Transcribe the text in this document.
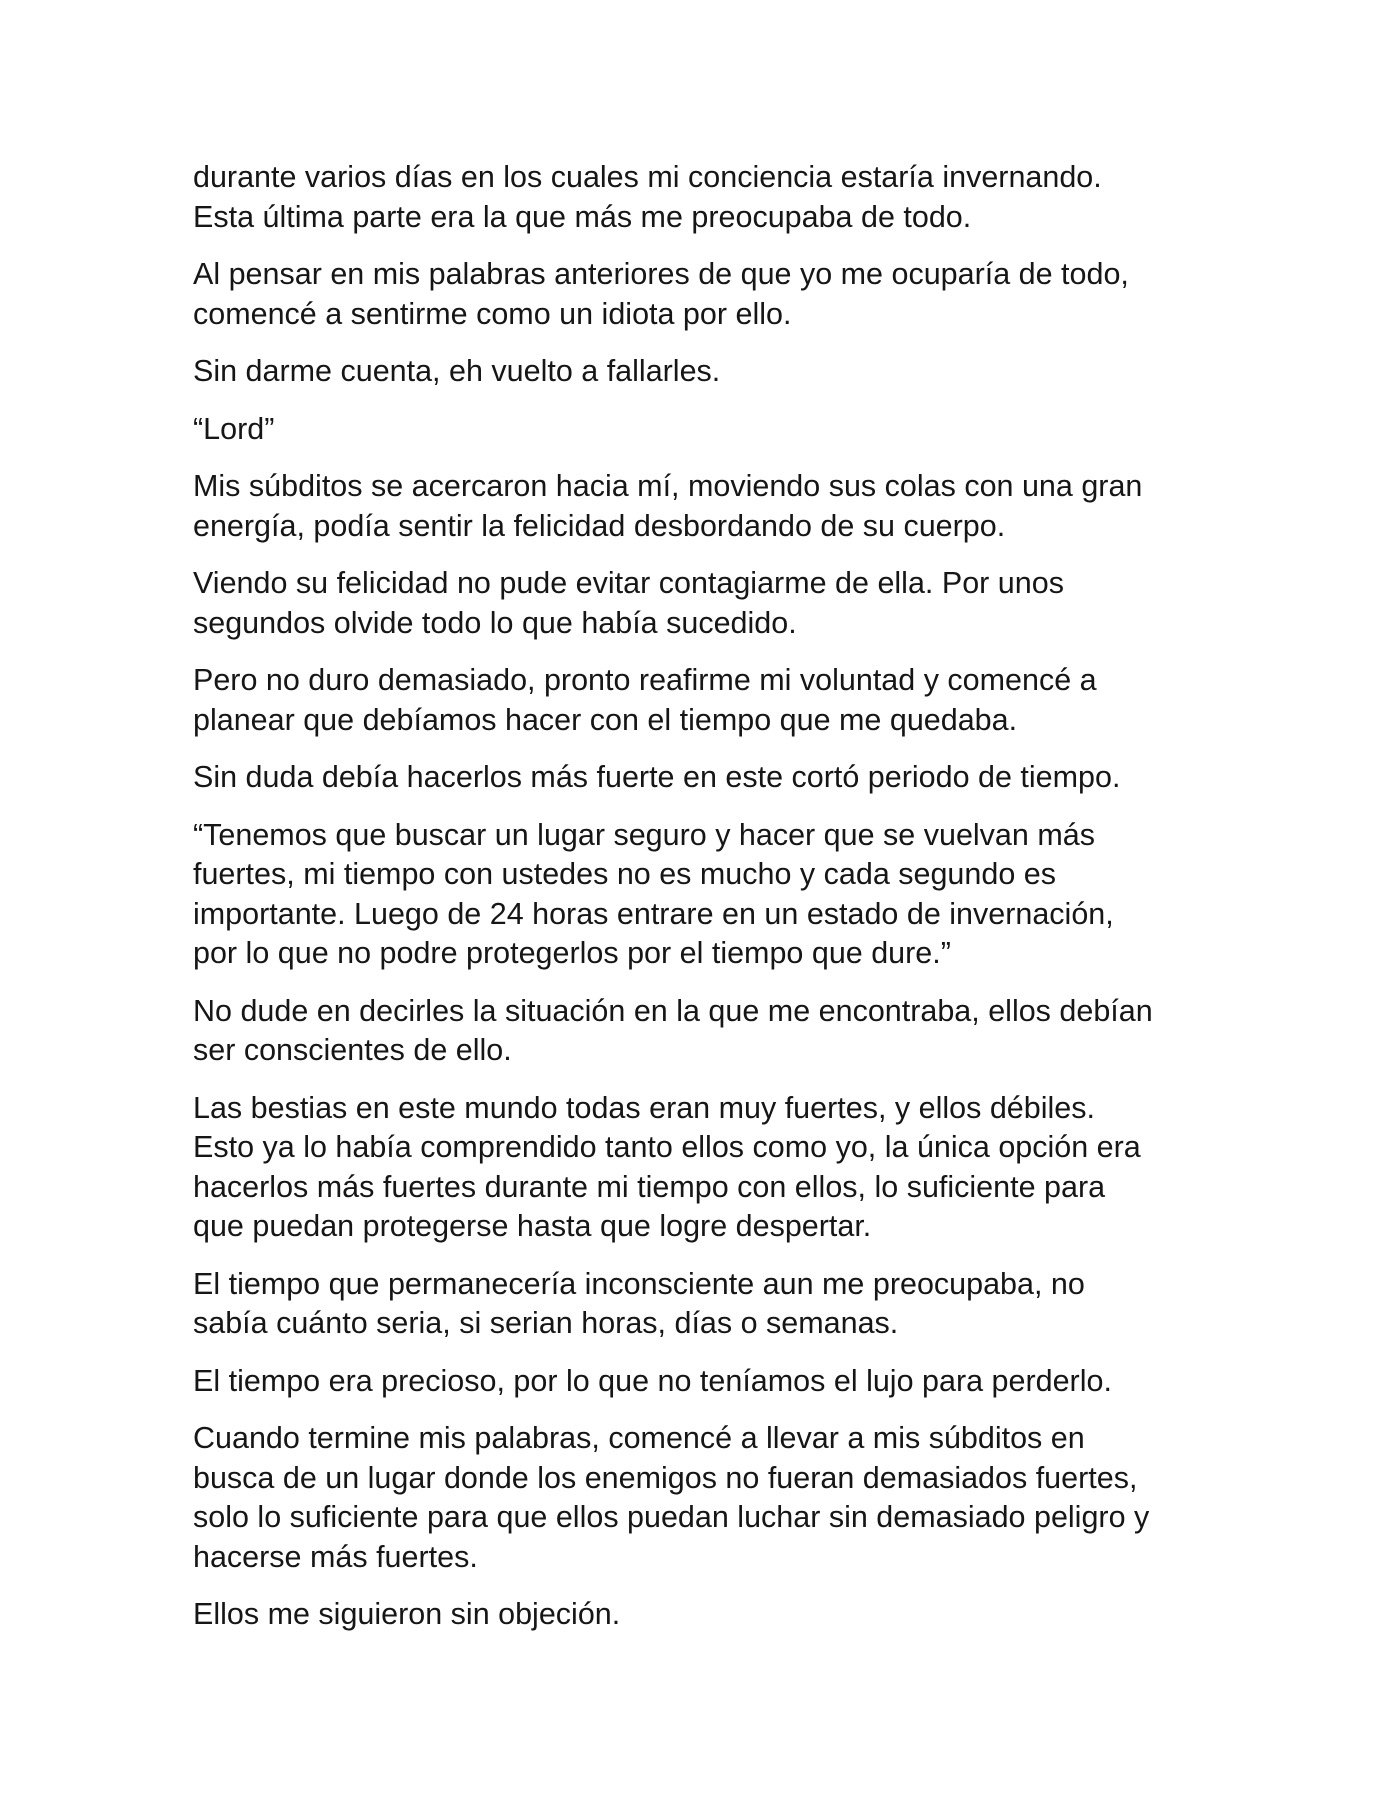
durante varios días en los cuales mi conciencia estaría invernando.
Esta última parte era la que más me preocupaba de todo.

Al pensar en mis palabras anteriores de que yo me ocuparía de todo,
comencé a sentirme como un idiota por ello.

Sin darme cuenta, eh vuelto a fallarles.

“Lord”

Mis súbditos se acercaron hacia mí, moviendo sus colas con una gran
energía, podía sentir la felicidad desbordando de su cuerpo.

Viendo su felicidad no pude evitar contagiarme de ella. Por unos
segundos olvide todo lo que había sucedido.

Pero no duro demasiado, pronto reafirme mi voluntad y comencé a
planear que debíamos hacer con el tiempo que me quedaba.

Sin duda debía hacerlos más fuerte en este cortó periodo de tiempo.

“Tenemos que buscar un lugar seguro y hacer que se vuelvan más
fuertes, mi tiempo con ustedes no es mucho y cada segundo es
importante. Luego de 24 horas entrare en un estado de invernación,
por lo que no podre protegerlos por el tiempo que dure.”

No dude en decirles la situación en la que me encontraba, ellos debían
ser conscientes de ello.

Las bestias en este mundo todas eran muy fuertes, y ellos débiles.
Esto ya lo había comprendido tanto ellos como yo, la única opción era
hacerlos más fuertes durante mi tiempo con ellos, lo suficiente para
que puedan protegerse hasta que logre despertar.

El tiempo que permanecería inconsciente aun me preocupaba, no
sabía cuánto seria, si serian horas, días o semanas.

El tiempo era precioso, por lo que no teníamos el lujo para perderlo.

Cuando termine mis palabras, comencé a llevar a mis súbditos en
busca de un lugar donde los enemigos no fueran demasiados fuertes,
solo lo suficiente para que ellos puedan luchar sin demasiado peligro y
hacerse más fuertes.

Ellos me siguieron sin objeción.
